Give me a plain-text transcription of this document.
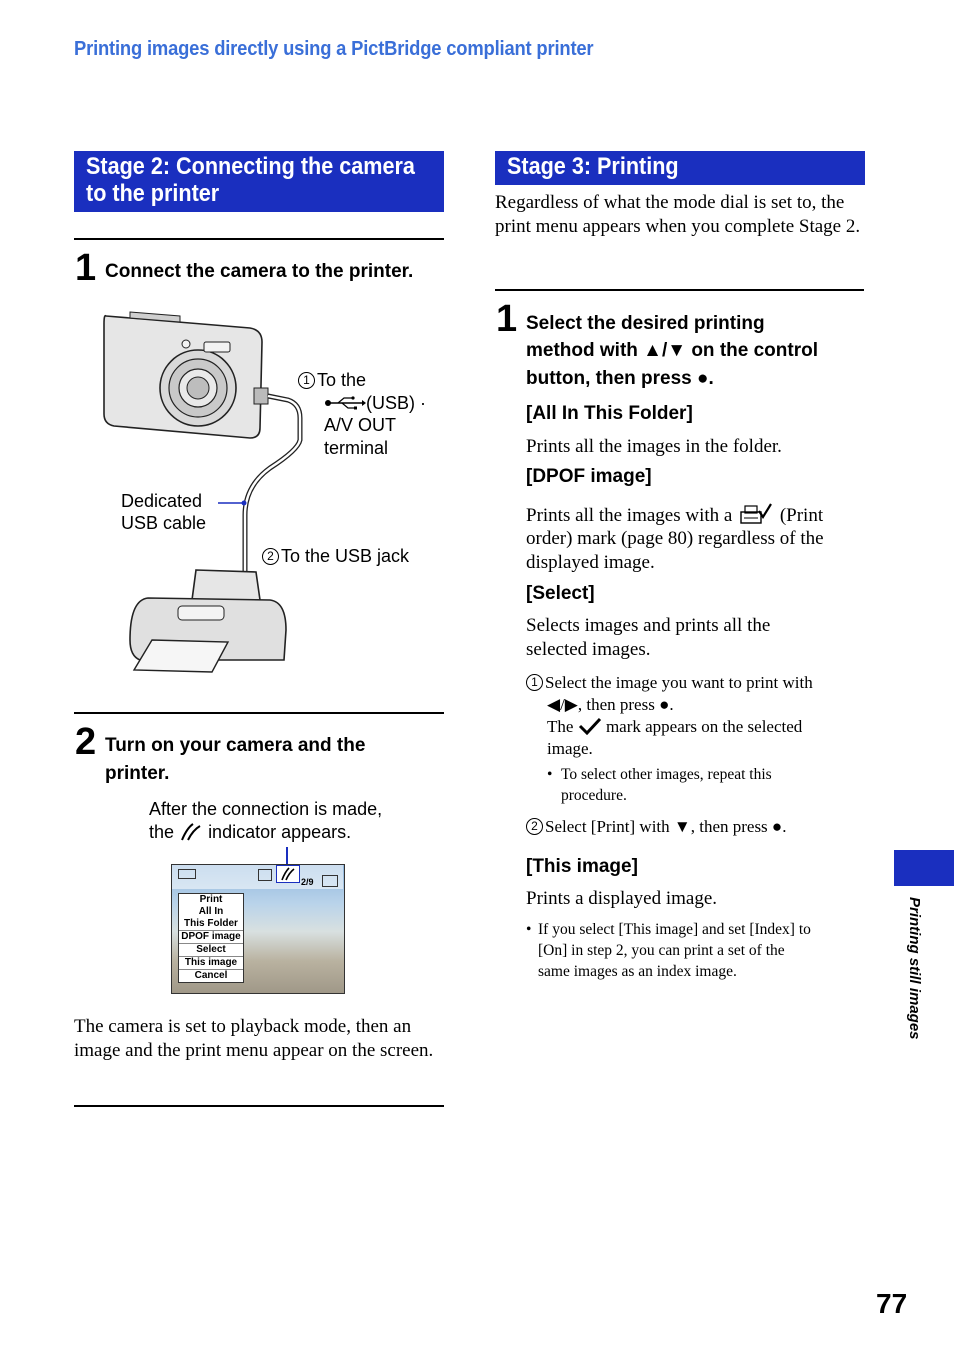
Printing images directly using a PictBridge compliant printer
Stage 2: Connecting the camera
to the printer
1 Connect the camera to the printer.
1 To the
(USB) ·
A/V OUT
terminal
Dedicated
USB cable
2 To the USB jack
2 Turn on your camera and the
printer.
After the connection is made,
the indicator appears.
2/9
Print
All In
This Folder
DPOF image
Select
This image
Cancel
The camera is set to playback mode, then an image and the print menu appear on the screen.
Stage 3: Printing
Regardless of what the mode dial is set to, the print menu appears when you complete Stage 2.
1 Select the desired printing
method with ▲/▼ on the control
button, then press ●.
[All In This Folder]
Prints all the images in the folder.
[DPOF image]
Prints all the images with a	(Print
order) mark (page 80) regardless of the
displayed image.
[Select]
Selects images and prints all the
selected images.
1 Select the image you want to print with
◀/▶, then press ●.
The mark appears on the selected
image.
• To select other images, repeat this
procedure.
2 Select [Print] with ▼, then press ●.
[This image]
Prints a displayed image.
• If you select [This image] and set [Index] to
[On] in step 2, you can print a set of the
same images as an index image.	Printing still images
77
